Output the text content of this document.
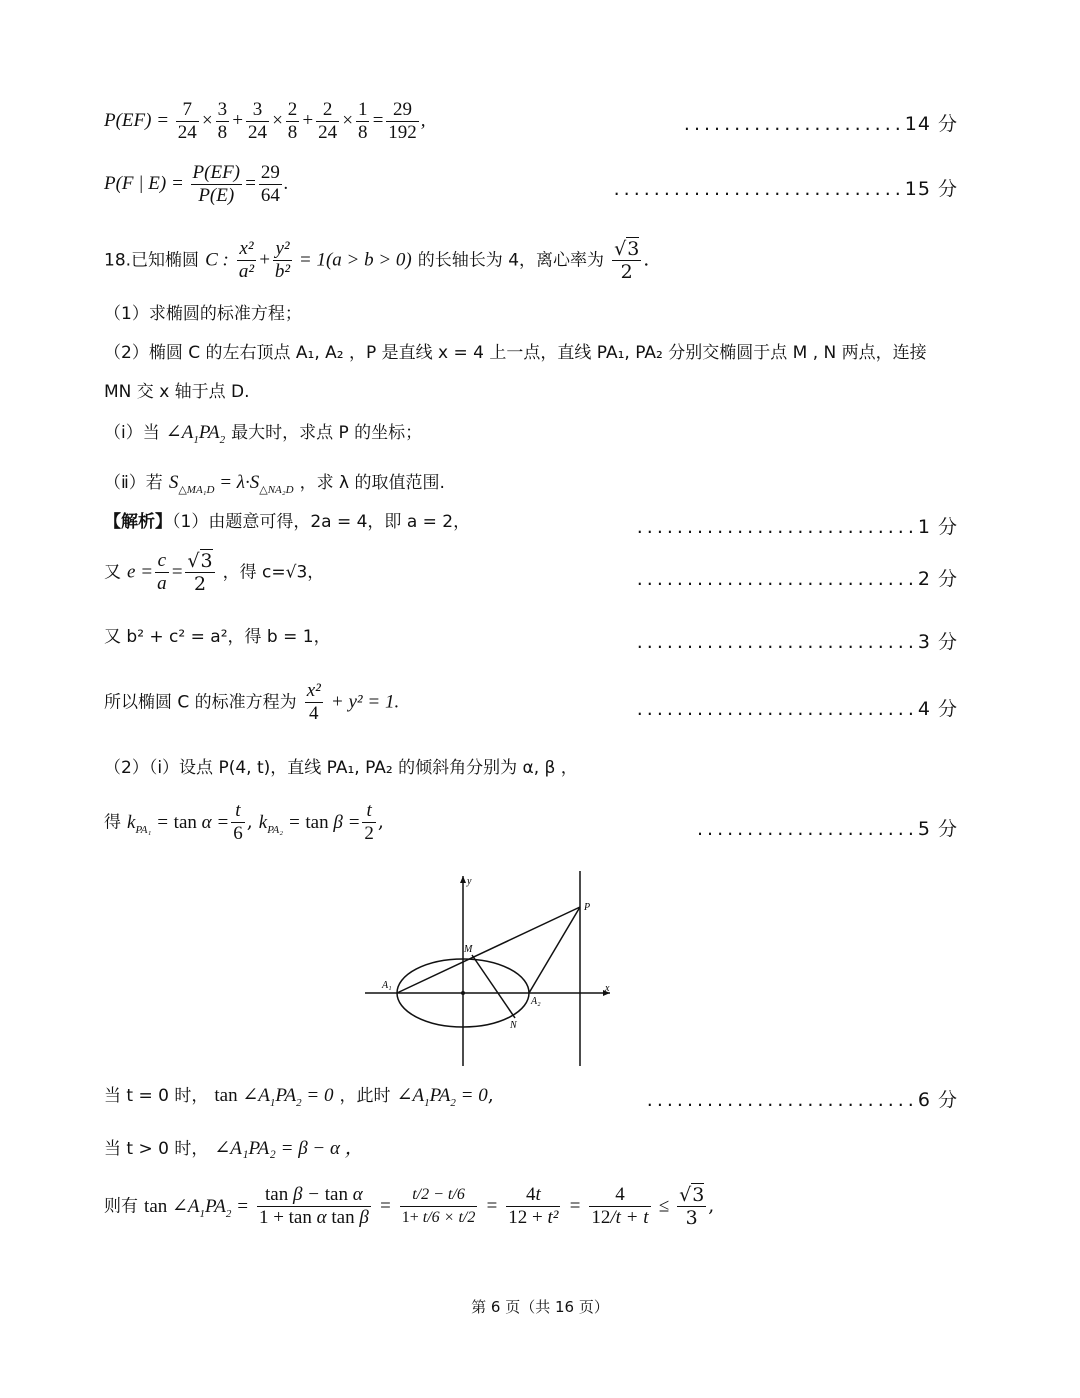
$P(EF) = \frac{7}{24} \times \frac{3}{8} + \frac{3}{24} \times \frac{2}{8} + \frac{2}{24} \times \frac{1}{8} = \frac{29}{192}$ ,	......................14 分
P(F | $E) = \frac{P(EF)}{P(E)} = \frac{29}{64}$ .	.............................15 分
18.已知椭圆 C : $\frac{\text{x²}}{\text{a²}} + \frac{\text{y²}}{\text{b²}} = 1(a > b > 0)$ 的长轴长为 4，离心率为 $\frac{√3}{2}$ .
（1）求椭圆的标准方程；
（2）椭圆 C 的左右顶点 A₁, A₂ ，P 是直线 x = 4 上一点，直线 PA₁, PA₂ 分别交椭圆于点 M , N 两点，连接
MN 交 x 轴于点 D.
（ⅰ）当 $\angle A_1PA_2$ 最大时，求点 P 的坐标；
（ⅱ）若 $S_{\triangle MA_1D} = \lambda\cdot S_{\triangle NA_2D}$ ，求 λ 的取值范围.
【解析】（1）由题意可得，2a = 4，即 a = 2，	............................1 分
又 $e = \frac{c}{a} = \frac{√3}{2}$ ，得 c=√3，	............................2 分
又 b² + c² = a²，得 b = 1，	............................3 分
所以椭圆 C 的标准方程为 $\frac{\text{x²}}{4} + y^2 = 1$.	............................4 分
（2）（ⅰ）设点 P(4, t)，直线 PA₁, PA₂ 的倾斜角分别为 α, β ，
得 $k_{PA_1} = \tan \alpha = \frac{t}{6}$ , $k_{PA_2} = \tan \beta = \frac{t}{2}$ ,	......................5 分
y
x
P
M
A₁
A₂
N
当 t = 0 时， $\tan \angle A_1PA_2 = 0$ ，此时 $\angle A_1PA_2 = 0$,	...........................6 分
当 t > 0 时， ∠A₁PA₂ = β − α ，
则有 $\tan \angle A_1PA_2 = \frac{\text{tan β − tan α}}{\text{1 + tan α tan β}} = \frac{t/2 - t/6}{1+ t/6 \times t/2} = \frac{4t}{\text{12 + t²}} = \frac{4}{12/t + t} \le \frac{√3}{3}$ ,
第 6 页（共 16 页）
